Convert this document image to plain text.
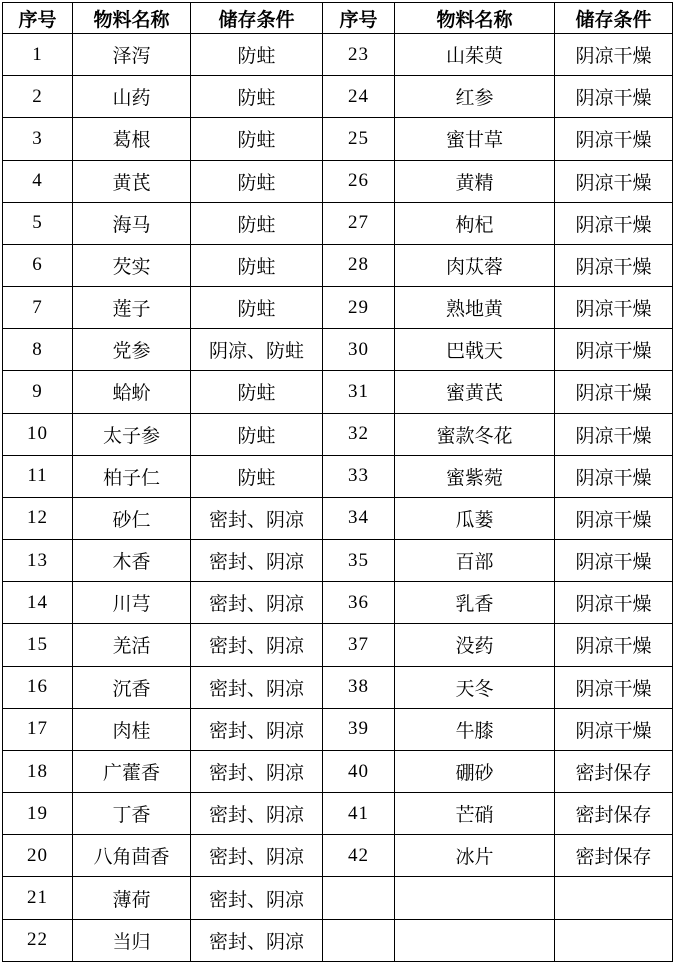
序号	物料名称	储存条件	序号	物料名称	储存条件
1	泽泻	防蛀	23	山茱萸	阴凉干燥
2	山药	防蛀	24	红参	阴凉干燥
3	葛根	防蛀	25	蜜甘草	阴凉干燥
4	黄芪	防蛀	26	黄精	阴凉干燥
5	海马	防蛀	27	枸杞	阴凉干燥
6	芡实	防蛀	28	肉苁蓉	阴凉干燥
7	莲子	防蛀	29	熟地黄	阴凉干燥
8	党参	阴凉、防蛀	30	巴戟天	阴凉干燥
9	蛤蚧	防蛀	31	蜜黄芪	阴凉干燥
10	太子参	防蛀	32	蜜款冬花	阴凉干燥
11	柏子仁	防蛀	33	蜜紫菀	阴凉干燥
12	砂仁	密封、阴凉	34	瓜蒌	阴凉干燥
13	木香	密封、阴凉	35	百部	阴凉干燥
14	川芎	密封、阴凉	36	乳香	阴凉干燥
15	羌活	密封、阴凉	37	没药	阴凉干燥
16	沉香	密封、阴凉	38	天冬	阴凉干燥
17	肉桂	密封、阴凉	39	牛膝	阴凉干燥
18	广藿香	密封、阴凉	40	硼砂	密封保存
19	丁香	密封、阴凉	41	芒硝	密封保存
20	八角茴香	密封、阴凉	42	冰片	密封保存
21	薄荷	密封、阴凉			
22	当归	密封、阴凉			
